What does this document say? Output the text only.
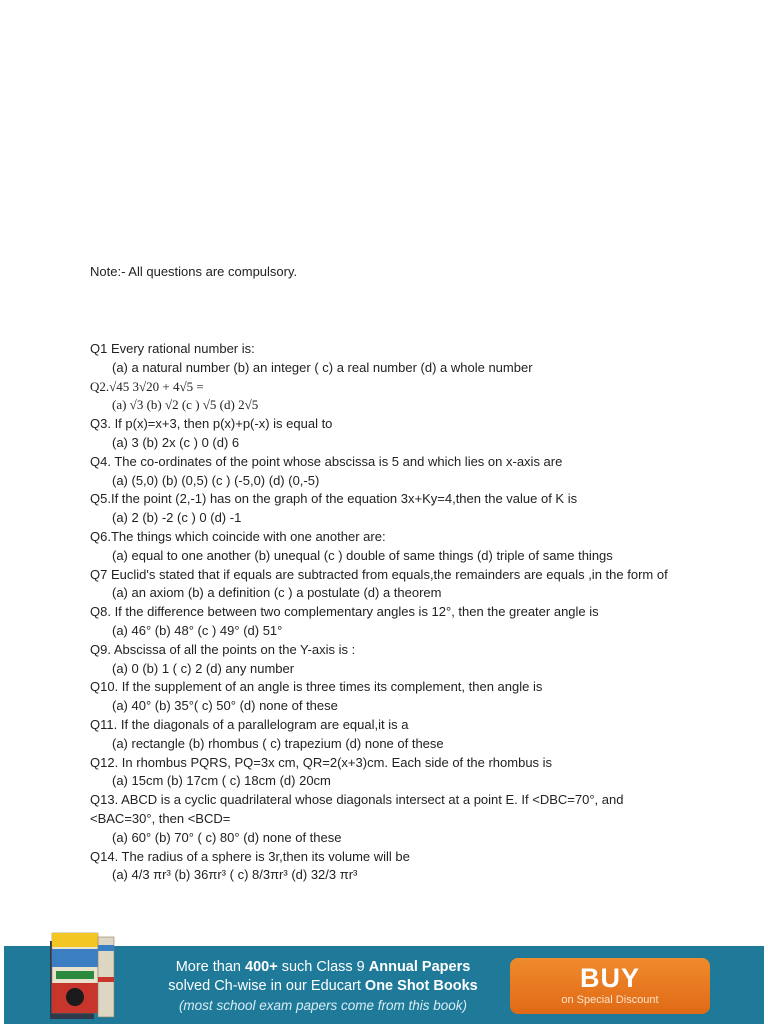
Note:- All questions are compulsory.
Q1 Every rational number is:
(a) a natural number (b) an integer ( c) a real number (d) a whole number
Q2.√45 3√20 + 4√5 =
(a) √3 (b) √2 (c ) √5 (d) 2√5
Q3. If p(x)=x+3, then p(x)+p(-x) is equal to
(a) 3 (b) 2x (c ) 0 (d) 6
Q4. The co-ordinates of the point whose abscissa is 5 and which lies on x-axis are
(a) (5,0) (b) (0,5) (c ) (-5,0) (d) (0,-5)
Q5.If the point (2,-1) has on the graph of the equation 3x+Ky=4,then the value of K is
(a) 2 (b) -2 (c ) 0 (d) -1
Q6.The things which coincide with one another are:
(a) equal to one another (b) unequal (c ) double of same things (d) triple of same things
Q7 Euclid's stated that if equals are subtracted from equals,the remainders are equals ,in the form of
(a) an axiom (b) a definition (c ) a postulate (d) a theorem
Q8. If the difference between two complementary angles is 12°, then the greater angle is
(a) 46° (b) 48° (c ) 49° (d) 51°
Q9. Abscissa of all the points on the Y-axis is :
(a) 0 (b) 1 ( c) 2 (d) any number
Q10. If the supplement of an angle is three times its complement, then angle is
(a) 40° (b) 35°( c) 50° (d) none of these
Q11. If the diagonals of a parallelogram are equal,it is a
(a) rectangle (b) rhombus ( c) trapezium (d) none of these
Q12. In rhombus PQRS, PQ=3x cm, QR=2(x+3)cm. Each side of the rhombus is
(a) 15cm (b) 17cm ( c) 18cm (d) 20cm
Q13. ABCD is a cyclic quadrilateral whose diagonals intersect at a point E. If <DBC=70°, and <BAC=30°, then <BCD=
(a) 60° (b) 70° ( c) 80° (d) none of these
Q14. The radius of a sphere is 3r,then its volume will be
(a) 4/3 πr³ (b) 36πr³ ( c) 8/3πr³ (d) 32/3 πr³
More than 400+ such Class 9 Annual Papers
solved Ch-wise in our Educart One Shot Books
(most school exam papers come from this book)
BUY
on Special Discount
